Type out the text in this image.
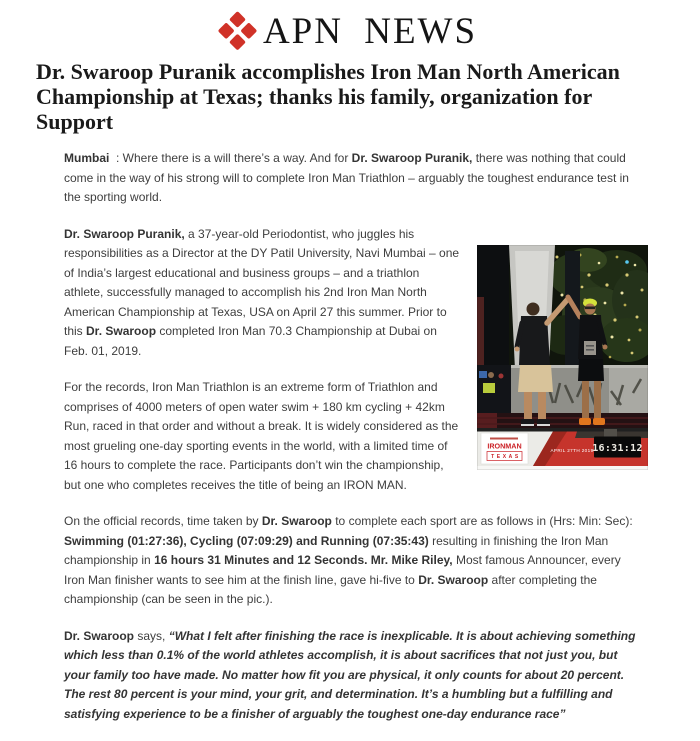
APN NEWS
Dr. Swaroop Puranik accomplishes Iron Man North American Championship at Texas; thanks his family, organization for Support

Mumbai  : Where there is a will there’s a way. And for Dr. Swaroop Puranik, there was nothing that could come in the way of his strong will to complete Iron Man Triathlon – arguably the toughest endurance test in the sporting world.

APRIL 27TH 2019
16:31:12
IRONMAN
TEXAS

Dr. Swaroop Puranik, a 37-year-old Periodontist, who juggles his responsibilities as a Director at the DY Patil University, Navi Mumbai – one of India’s largest educational and business groups – and a triathlon athlete, successfully managed to accomplish his 2nd Iron Man North American Championship at Texas, USA on April 27 this summer. Prior to this Dr. Swaroop completed Iron Man 70.3 Championship at Dubai on Feb. 01, 2019.

For the records, Iron Man Triathlon is an extreme form of Triathlon and comprises of 4000 meters of open water swim + 180 km cycling + 42km Run, raced in that order and without a break. It is widely considered as the most grueling one-day sporting events in the world, with a limited time of 16 hours to complete the race. Participants don’t win the championship, but one who completes receives the title of being an IRON MAN.

On the official records, time taken by Dr. Swaroop to complete each sport are as follows in (Hrs: Min: Sec): Swimming (01:27:36), Cycling (07:09:29) and Running (07:35:43) resulting in finishing the Iron Man championship in 16 hours 31 Minutes and 12 Seconds. Mr. Mike Riley, Most famous Announcer, every Iron Man finisher wants to see him at the finish line, gave hi-five to Dr. Swaroop after completing the championship (can be seen in the pic.).

Dr. Swaroop says, “What I felt after finishing the race is inexplicable. It is about achieving something which less than 0.1% of the world athletes accomplish, it is about sacrifices that not just you, but your family too have made. No matter how fit you are physical, it only counts for about 20 percent. The rest 80 percent is your mind, your grit, and determination. It’s a humbling but a fulfilling and satisfying experience to be a finisher of arguably the toughest one-day endurance race”
